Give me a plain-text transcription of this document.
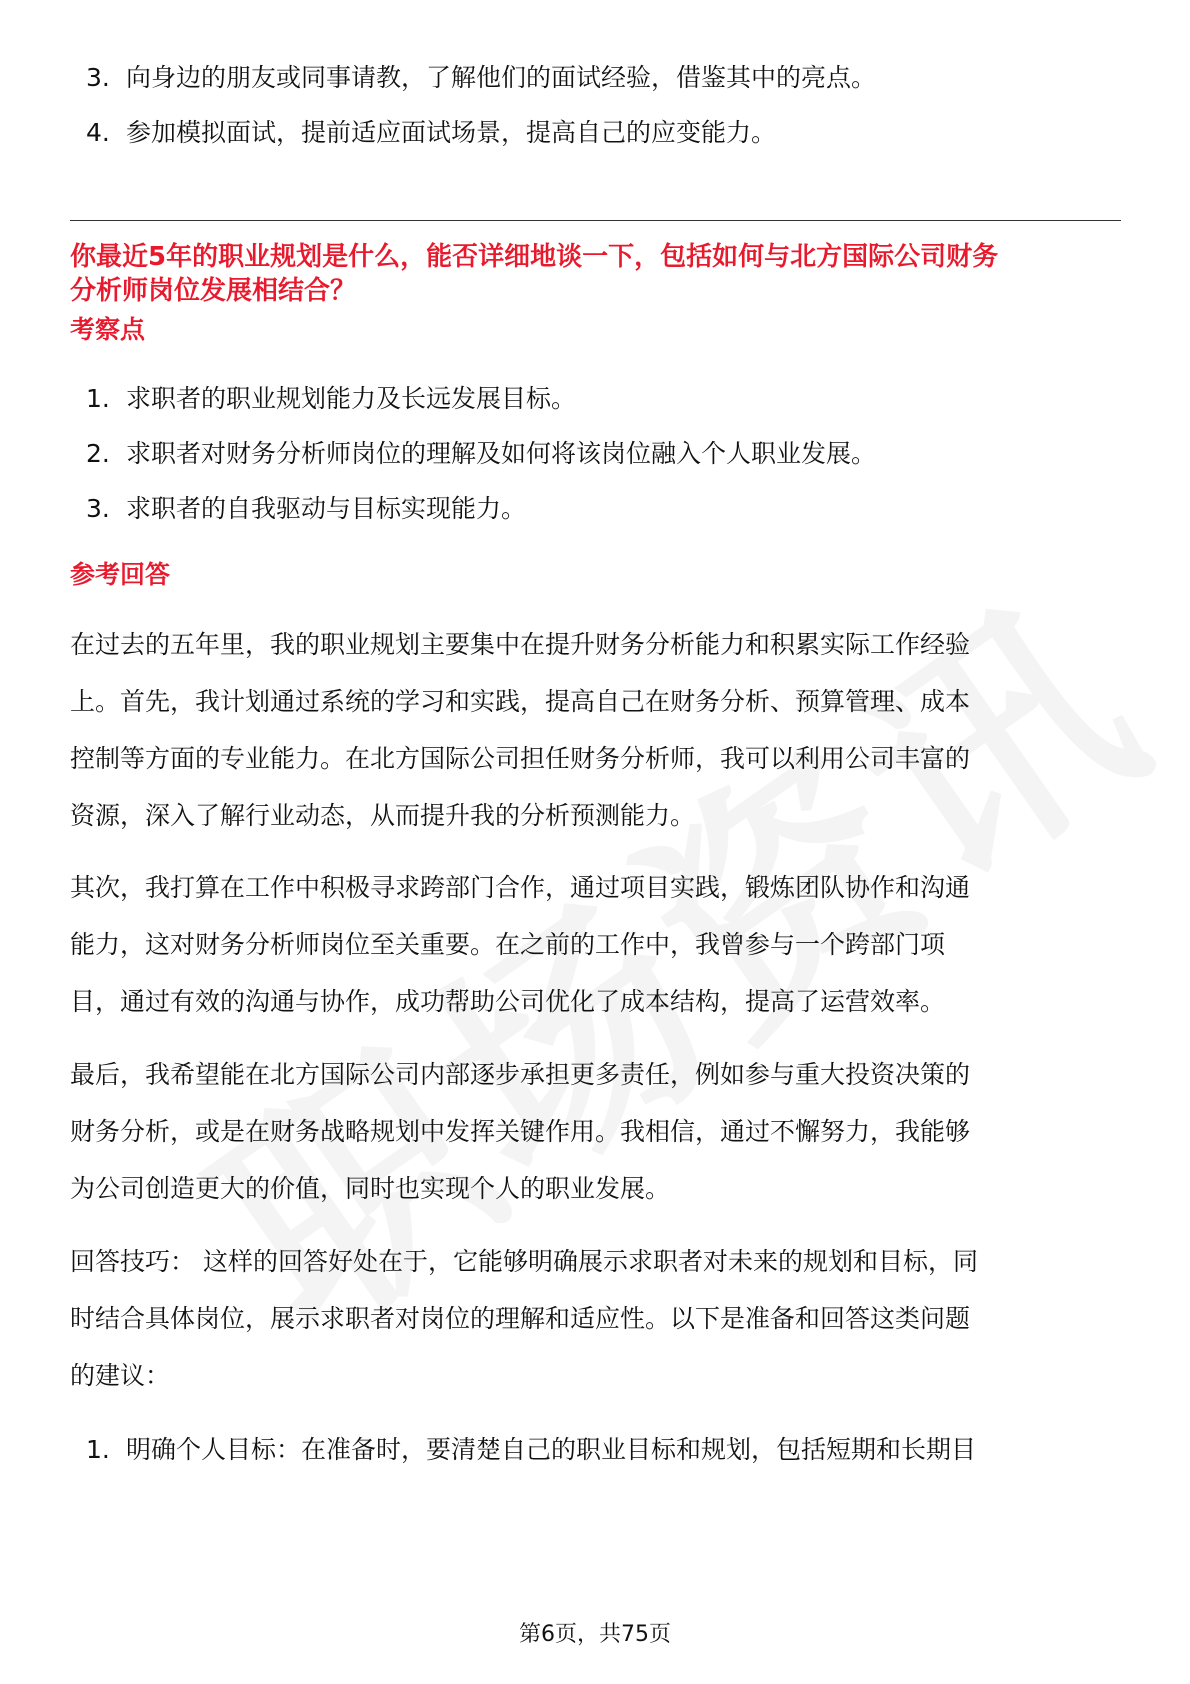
3. 向身边的朋友或同事请教，了解他们的面试经验，借鉴其中的亮点。
4. 参加模拟面试，提前适应面试场景，提高自己的应变能力。
你最近5年的职业规划是什么，能否详细地谈一下，包括如何与北方国际公司财务
分析师岗位发展相结合？
考察点
1. 求职者的职业规划能力及长远发展目标。
2. 求职者对财务分析师岗位的理解及如何将该岗位融入个人职业发展。
3. 求职者的自我驱动与目标实现能力。
参考回答
在过去的五年里，我的职业规划主要集中在提升财务分析能力和积累实际工作经验
上。首先，我计划通过系统的学习和实践，提高自己在财务分析、预算管理、成本
控制等方面的专业能力。在北方国际公司担任财务分析师，我可以利用公司丰富的
资源，深入了解行业动态，从而提升我的分析预测能力。
其次，我打算在工作中积极寻求跨部门合作，通过项目实践，锻炼团队协作和沟通
能力，这对财务分析师岗位至关重要。在之前的工作中，我曾参与一个跨部门项
目，通过有效的沟通与协作，成功帮助公司优化了成本结构，提高了运营效率。
最后，我希望能在北方国际公司内部逐步承担更多责任，例如参与重大投资决策的
财务分析，或是在财务战略规划中发挥关键作用。我相信，通过不懈努力，我能够
为公司创造更大的价值，同时也实现个人的职业发展。
回答技巧： 这样的回答好处在于，它能够明确展示求职者对未来的规划和目标，同
时结合具体岗位，展示求职者对岗位的理解和适应性。以下是准备和回答这类问题
的建议：
1. 明确个人目标：在准备时，要清楚自己的职业目标和规划，包括短期和长期目
第6页，共75页
